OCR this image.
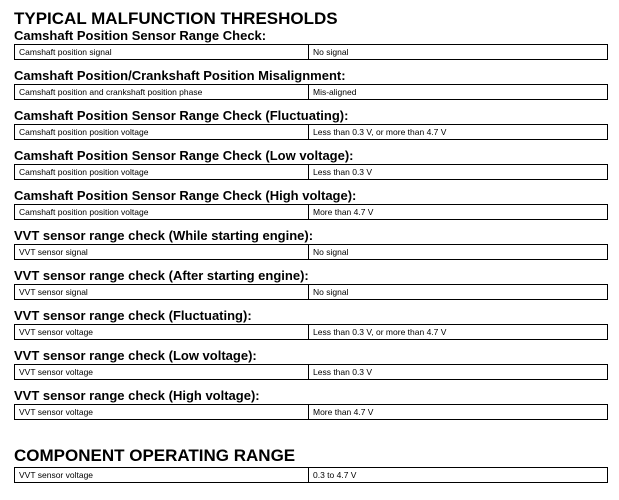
TYPICAL MALFUNCTION THRESHOLDS
Camshaft Position Sensor Range Check:
Camshaft position signal	No signal
Camshaft Position/Crankshaft Position Misalignment:
Camshaft position and crankshaft position phase	Mis-aligned
Camshaft Position Sensor Range Check (Fluctuating):
Camshaft position position voltage	Less than 0.3 V, or more than 4.7 V
Camshaft Position Sensor Range Check (Low voltage):
Camshaft position position voltage	Less than 0.3 V
Camshaft Position Sensor Range Check (High voltage):
Camshaft position position voltage	More than 4.7 V
VVT sensor range check (While starting engine):
VVT sensor signal	No signal
VVT sensor range check (After starting engine):
VVT sensor signal	No signal
VVT sensor range check (Fluctuating):
VVT sensor voltage	Less than 0.3 V, or more than 4.7 V
VVT sensor range check (Low voltage):
VVT sensor voltage	Less than 0.3 V
VVT sensor range check (High voltage):
VVT sensor voltage	More than 4.7 V
COMPONENT OPERATING RANGE
VVT sensor voltage	0.3 to 4.7 V
